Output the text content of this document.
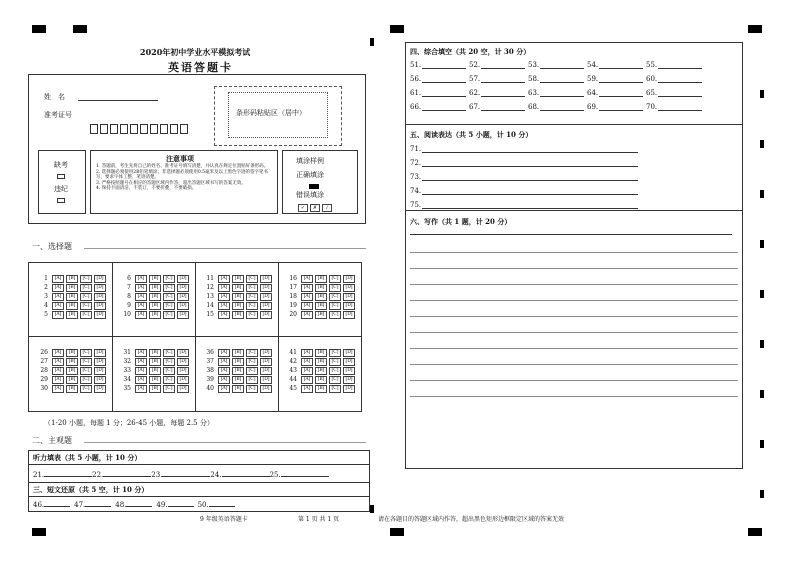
2020年初中学业水平模拟考试
英语答题卡
姓　名
准考证号	条形码粘贴区（居中）
缺考
违纪
注意事项
1. 答题前，考生先将自己的姓名、准考证号填写清楚，并认真在规定位置贴好条形码。
2. 选择题必须使用2B铅笔填涂；非选择题必须使用0.5毫米及以上黑色字迹的签字笔书写，要求字体工整，笔迹清楚。
3. 严格按照题号在相应的答题区域内作答，超出答题区域书写的答案无效。
4. 保持卡面清洁，不装订，不要折叠，不要破损。
填涂样例
正确填涂
错误填涂
✓ ✗ /
一、选择题
1 [A] [B] [C] [D]
2 [A] [B] [C] [D]
3 [A] [B] [C] [D]
4 [A] [B] [C] [D]
5 [A] [B] [C] [D]
6 [A] [B] [C] [D]
7 [A] [B] [C] [D]
8 [A] [B] [C] [D]
9 [A] [B] [C] [D]
10 [A] [B] [C] [D]
11 [A] [B] [C] [D]
12 [A] [B] [C] [D]
13 [A] [B] [C] [D]
14 [A] [B] [C] [D]
15 [A] [B] [C] [D]
16 [A] [B] [C] [D]
17 [A] [B] [C] [D]
18 [A] [B] [C] [D]
19 [A] [B] [C] [D]
20 [A] [B] [C] [D]
26 [A] [B] [C] [D]
27 [A] [B] [C] [D]
28 [A] [B] [C] [D]
29 [A] [B] [C] [D]
30 [A] [B] [C] [D]
31 [A] [B] [C] [D]
32 [A] [B] [C] [D]
33 [A] [B] [C] [D]
34 [A] [B] [C] [D]
35 [A] [B] [C] [D]
36 [A] [B] [C] [D]
37 [A] [B] [C] [D]
38 [A] [B] [C] [D]
39 [A] [B] [C] [D]
40 [A] [B] [C] [D]
41 [A] [B] [C] [D]
42 [A] [B] [C] [D]
43 [A] [B] [C] [D]
44 [A] [B] [C] [D]
45 [A] [B] [C] [D]
（1-20 小题，每题 1 分；26-45 小题，每题 2.5 分）
二、主观题
听力填表（共 5 小题，计 10 分）
21.	22.	23.	24.	25.
三、短文还原（共 5 空，计 10 分）
46.	47.	48.	49.	50.
四、综合填空（共 20 空，计 30 分）
51.	52.	53.	54.	55.
56.	57.	58.	59.	60.
61.	62.	63.	64.	65.
66.	67.	68.	69.	70.
五、阅读表达（共 5 小题，计 10 分）
71.
72.
73.
74.
75.
六、写作（共 1 题，计 20 分）
9 年级英语答题卡	第 1 页 共 1 页	请在各题目的答题区域内作答，超出黑色矩形边框限定区域的答案无效
